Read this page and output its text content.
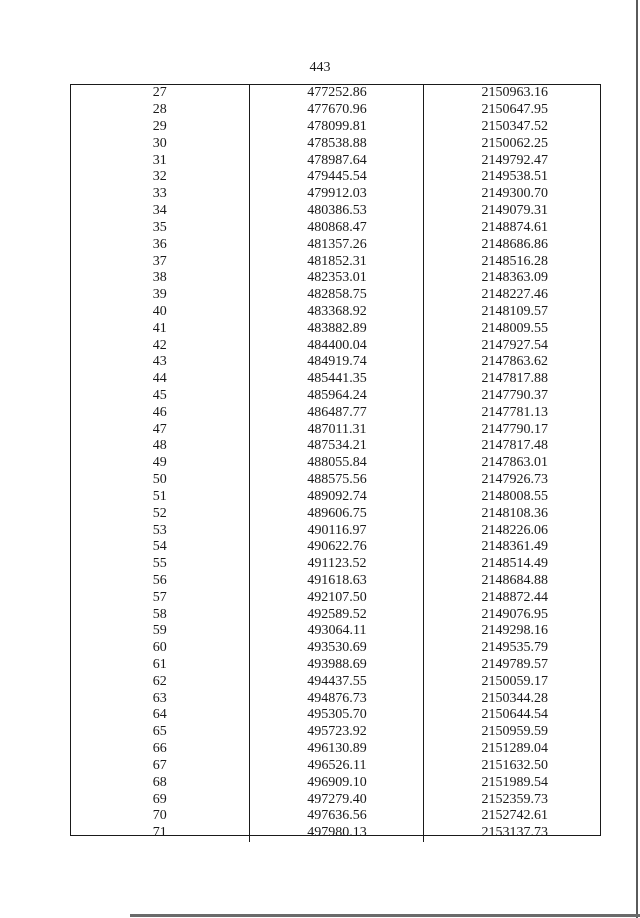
443
27	477252.86	2150963.16
28	477670.96	2150647.95
29	478099.81	2150347.52
30	478538.88	2150062.25
31	478987.64	2149792.47
32	479445.54	2149538.51
33	479912.03	2149300.70
34	480386.53	2149079.31
35	480868.47	2148874.61
36	481357.26	2148686.86
37	481852.31	2148516.28
38	482353.01	2148363.09
39	482858.75	2148227.46
40	483368.92	2148109.57
41	483882.89	2148009.55
42	484400.04	2147927.54
43	484919.74	2147863.62
44	485441.35	2147817.88
45	485964.24	2147790.37
46	486487.77	2147781.13
47	487011.31	2147790.17
48	487534.21	2147817.48
49	488055.84	2147863.01
50	488575.56	2147926.73
51	489092.74	2148008.55
52	489606.75	2148108.36
53	490116.97	2148226.06
54	490622.76	2148361.49
55	491123.52	2148514.49
56	491618.63	2148684.88
57	492107.50	2148872.44
58	492589.52	2149076.95
59	493064.11	2149298.16
60	493530.69	2149535.79
61	493988.69	2149789.57
62	494437.55	2150059.17
63	494876.73	2150344.28
64	495305.70	2150644.54
65	495723.92	2150959.59
66	496130.89	2151289.04
67	496526.11	2151632.50
68	496909.10	2151989.54
69	497279.40	2152359.73
70	497636.56	2152742.61
71	497980.13	2153137.73
